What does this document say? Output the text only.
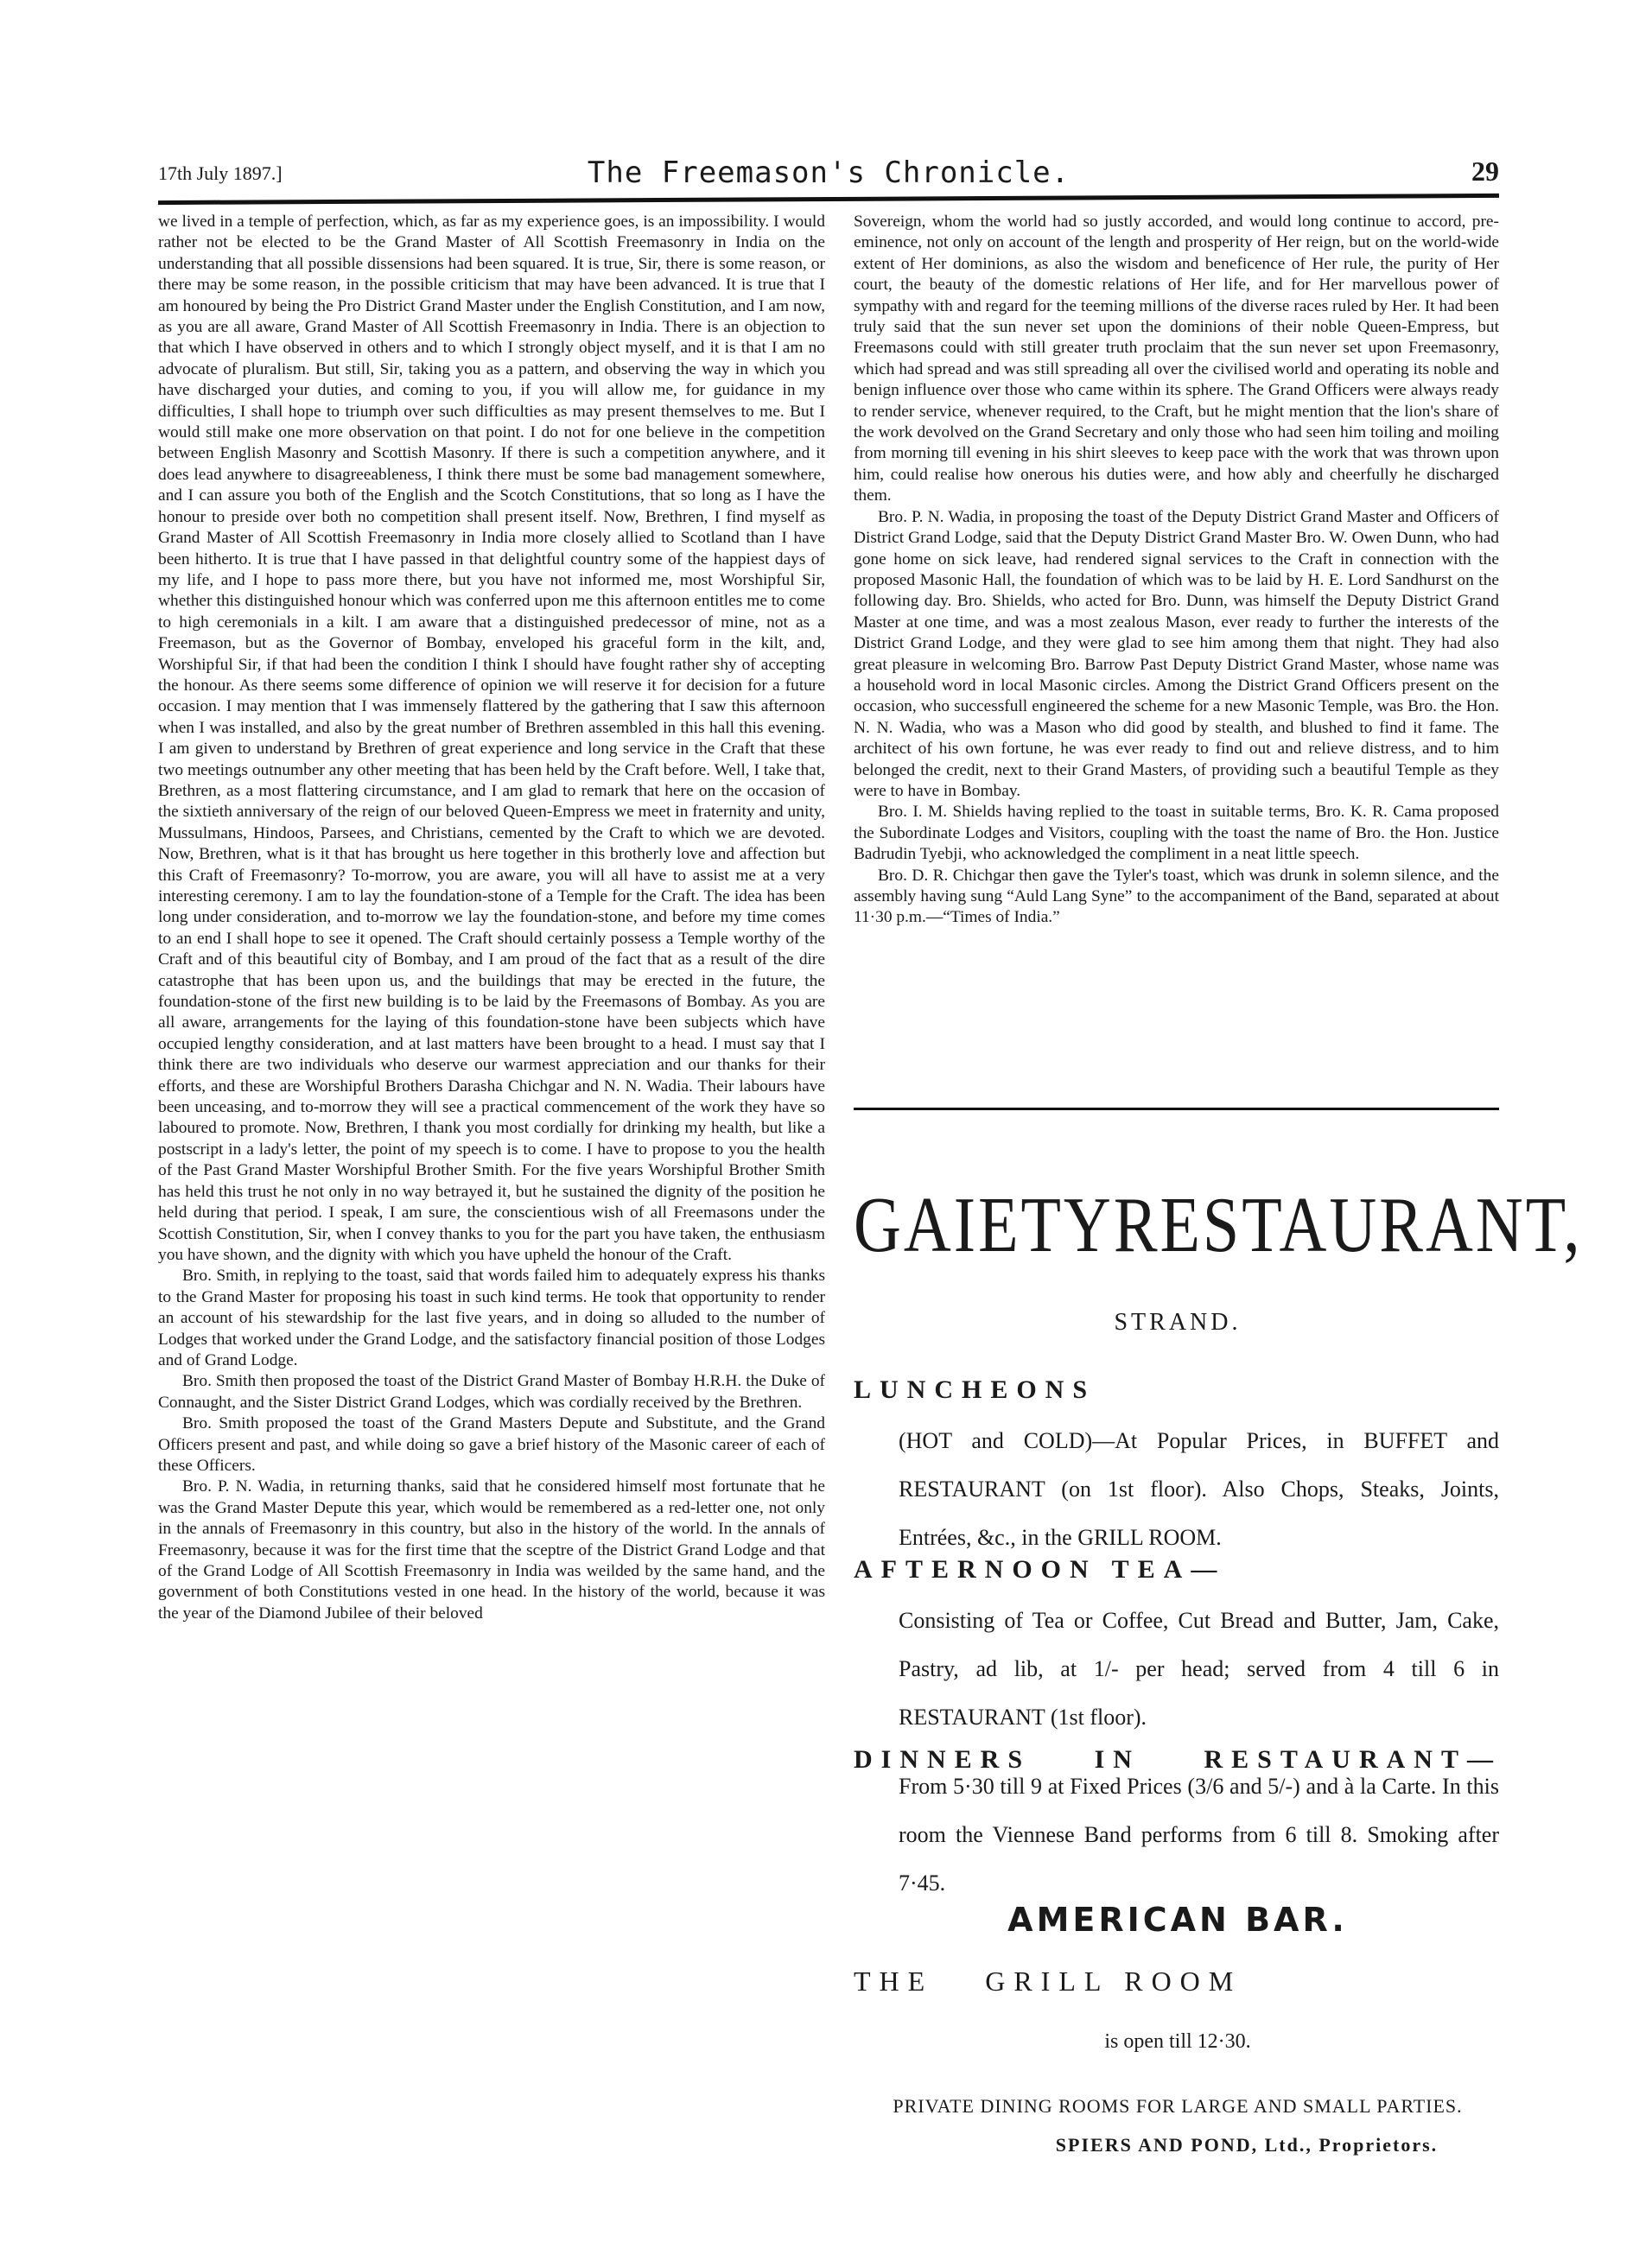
17th July 1897.]	The Freemason's Chronicle.	29

we lived in a temple of perfection, which, as far as my experience goes, is an impossibility. I would rather not be elected to be the Grand Master of All Scottish Freemasonry in India on the understanding that all possible dissensions had been squared. It is true, Sir, there is some reason, or there may be some reason, in the possible criticism that may have been advanced. It is true that I am honoured by being the Pro District Grand Master under the English Constitution, and I am now, as you are all aware, Grand Master of All Scottish Freemasonry in India. There is an objection to that which I have observed in others and to which I strongly object myself, and it is that I am no advocate of pluralism. But still, Sir, taking you as a pattern, and observing the way in which you have discharged your duties, and coming to you, if you will allow me, for guidance in my difficulties, I shall hope to triumph over such difficulties as may present themselves to me. But I would still make one more observation on that point. I do not for one believe in the competition between English Masonry and Scottish Masonry. If there is such a competition anywhere, and it does lead anywhere to disagreeableness, I think there must be some bad management somewhere, and I can assure you both of the English and the Scotch Constitutions, that so long as I have the honour to preside over both no competition shall present itself. Now, Brethren, I find myself as Grand Master of All Scottish Freemasonry in India more closely allied to Scotland than I have been hitherto. It is true that I have passed in that delightful country some of the happiest days of my life, and I hope to pass more there, but you have not informed me, most Worshipful Sir, whether this distinguished honour which was conferred upon me this afternoon entitles me to come to high ceremonials in a kilt. I am aware that a distinguished predecessor of mine, not as a Freemason, but as the Governor of Bombay, enveloped his graceful form in the kilt, and, Worshipful Sir, if that had been the condition I think I should have fought rather shy of accepting the honour. As there seems some difference of opinion we will reserve it for decision for a future occasion. I may mention that I was immensely flattered by the gathering that I saw this afternoon when I was installed, and also by the great number of Brethren assembled in this hall this evening. I am given to understand by Brethren of great experience and long service in the Craft that these two meetings outnumber any other meeting that has been held by the Craft before. Well, I take that, Brethren, as a most flattering circumstance, and I am glad to remark that here on the occasion of the sixtieth anniversary of the reign of our beloved Queen-Empress we meet in fraternity and unity, Mussulmans, Hindoos, Parsees, and Christians, cemented by the Craft to which we are devoted. Now, Brethren, what is it that has brought us here together in this brotherly love and affection but this Craft of Freemasonry? To-morrow, you are aware, you will all have to assist me at a very interesting ceremony. I am to lay the foundation-stone of a Temple for the Craft. The idea has been long under consideration, and to-morrow we lay the foundation-stone, and before my time comes to an end I shall hope to see it opened. The Craft should certainly possess a Temple worthy of the Craft and of this beautiful city of Bombay, and I am proud of the fact that as a result of the dire catastrophe that has been upon us, and the buildings that may be erected in the future, the foundation-stone of the first new building is to be laid by the Freemasons of Bombay. As you are all aware, arrangements for the laying of this foundation-stone have been subjects which have occupied lengthy consideration, and at last matters have been brought to a head. I must say that I think there are two individuals who deserve our warmest appreciation and our thanks for their efforts, and these are Worshipful Brothers Darasha Chichgar and N. N. Wadia. Their labours have been unceasing, and to-morrow they will see a practical commencement of the work they have so laboured to promote. Now, Brethren, I thank you most cordially for drinking my health, but like a postscript in a lady's letter, the point of my speech is to come. I have to propose to you the health of the Past Grand Master Worshipful Brother Smith. For the five years Worshipful Brother Smith has held this trust he not only in no way betrayed it, but he sustained the dignity of the position he held during that period. I speak, I am sure, the conscientious wish of all Freemasons under the Scottish Constitution, Sir, when I convey thanks to you for the part you have taken, the enthusiasm you have shown, and the dignity with which you have upheld the honour of the Craft.

Bro. Smith, in replying to the toast, said that words failed him to adequately express his thanks to the Grand Master for proposing his toast in such kind terms. He took that opportunity to render an account of his stewardship for the last five years, and in doing so alluded to the number of Lodges that worked under the Grand Lodge, and the satisfactory financial position of those Lodges and of Grand Lodge.

Bro. Smith then proposed the toast of the District Grand Master of Bombay H.R.H. the Duke of Connaught, and the Sister District Grand Lodges, which was cordially received by the Brethren.

Bro. Smith proposed the toast of the Grand Masters Depute and Substitute, and the Grand Officers present and past, and while doing so gave a brief history of the Masonic career of each of these Officers.

Bro. P. N. Wadia, in returning thanks, said that he considered himself most fortunate that he was the Grand Master Depute this year, which would be remembered as a red-letter one, not only in the annals of Freemasonry in this country, but also in the history of the world. In the annals of Freemasonry, because it was for the first time that the sceptre of the District Grand Lodge and that of the Grand Lodge of All Scottish Freemasonry in India was weilded by the same hand, and the government of both Constitutions vested in one head. In the history of the world, because it was the year of the Diamond Jubilee of their beloved

Sovereign, whom the world had so justly accorded, and would long continue to accord, pre-eminence, not only on account of the length and prosperity of Her reign, but on the world-wide extent of Her dominions, as also the wisdom and beneficence of Her rule, the purity of Her court, the beauty of the domestic relations of Her life, and for Her marvellous power of sympathy with and regard for the teeming millions of the diverse races ruled by Her. It had been truly said that the sun never set upon the dominions of their noble Queen-Empress, but Freemasons could with still greater truth proclaim that the sun never set upon Freemasonry, which had spread and was still spreading all over the civilised world and operating its noble and benign influence over those who came within its sphere. The Grand Officers were always ready to render service, whenever required, to the Craft, but he might mention that the lion's share of the work devolved on the Grand Secretary and only those who had seen him toiling and moiling from morning till evening in his shirt sleeves to keep pace with the work that was thrown upon him, could realise how onerous his duties were, and how ably and cheerfully he discharged them.

Bro. P. N. Wadia, in proposing the toast of the Deputy District Grand Master and Officers of District Grand Lodge, said that the Deputy District Grand Master Bro. W. Owen Dunn, who had gone home on sick leave, had rendered signal services to the Craft in connection with the proposed Masonic Hall, the foundation of which was to be laid by H. E. Lord Sandhurst on the following day. Bro. Shields, who acted for Bro. Dunn, was himself the Deputy District Grand Master at one time, and was a most zealous Mason, ever ready to further the interests of the District Grand Lodge, and they were glad to see him among them that night. They had also great pleasure in welcoming Bro. Barrow Past Deputy District Grand Master, whose name was a household word in local Masonic circles. Among the District Grand Officers present on the occasion, who successfull engineered the scheme for a new Masonic Temple, was Bro. the Hon. N. N. Wadia, who was a Mason who did good by stealth, and blushed to find it fame. The architect of his own fortune, he was ever ready to find out and relieve distress, and to him belonged the credit, next to their Grand Masters, of providing such a beautiful Temple as they were to have in Bombay.

Bro. I. M. Shields having replied to the toast in suitable terms, Bro. K. R. Cama proposed the Subordinate Lodges and Visitors, coupling with the toast the name of Bro. the Hon. Justice Badrudin Tyebji, who acknowledged the compliment in a neat little speech.

Bro. D. R. Chichgar then gave the Tyler's toast, which was drunk in solemn silence, and the assembly having sung “Auld Lang Syne” to the accompaniment of the Band, separated at about 11·30 p.m.—“Times of India.”

GAIETY RESTAURANT,
STRAND.
LUNCHEONS
(HOT and COLD)—At Popular Prices, in BUFFET and RESTAURANT (on 1st floor). Also Chops, Steaks, Joints, Entrées, &c., in the GRILL ROOM.
AFTERNOON TEA—
Consisting of Tea or Coffee, Cut Bread and Butter, Jam, Cake, Pastry, ad lib, at 1/- per head; served from 4 till 6 in RESTAURANT (1st floor).
DINNERS IN RESTAURANT—
From 5·30 till 9 at Fixed Prices (3/6 and 5/-) and à la Carte. In this room the Viennese Band performs from 6 till 8. Smoking after 7·45.
AMERICAN BAR.
THE GRILL ROOM
is open till 12·30.
PRIVATE DINING ROOMS FOR LARGE AND SMALL PARTIES.
SPIERS AND POND, Ltd., Proprietors.
